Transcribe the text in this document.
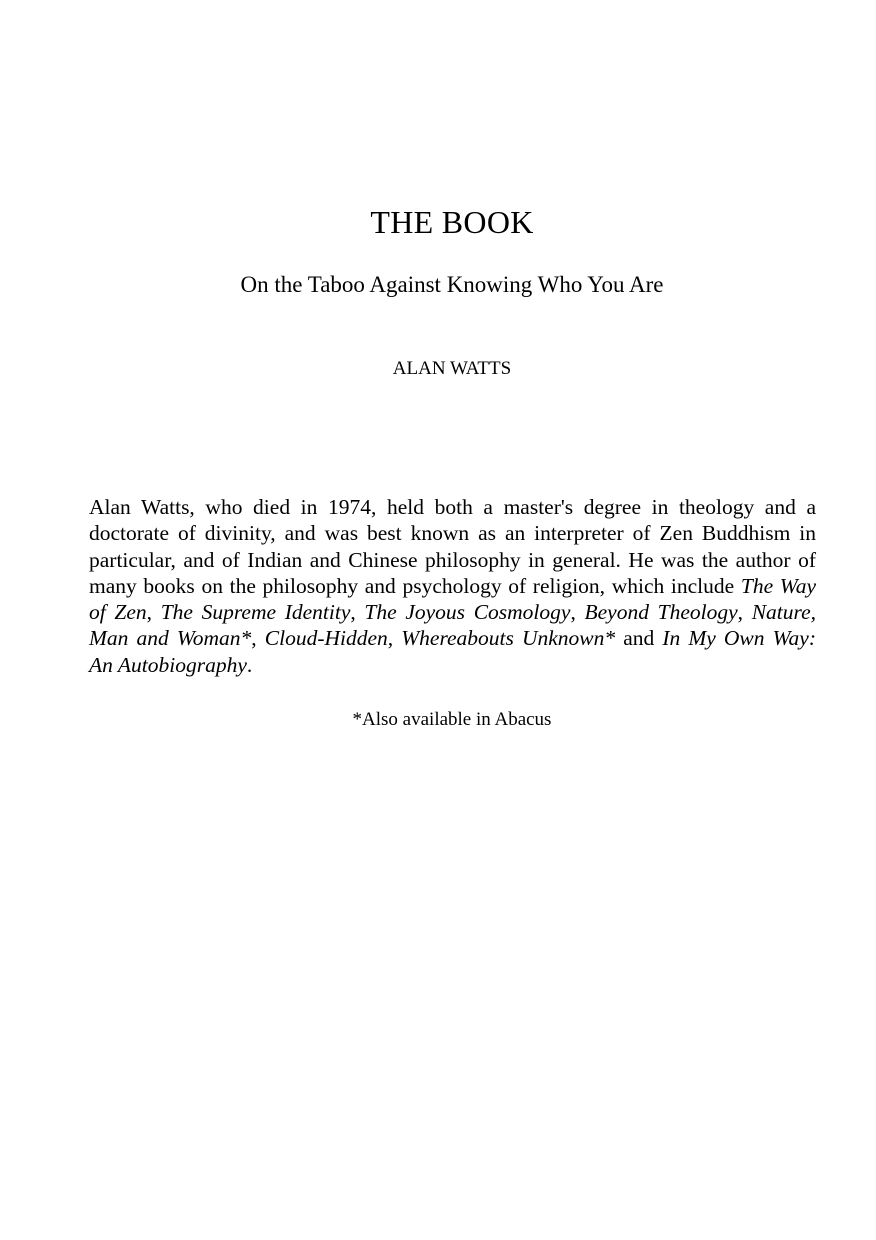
THE BOOK
On the Taboo Against Knowing Who You Are
ALAN WATTS

Alan Watts, who died in 1974, held both a master's degree in theology and a doctorate of divinity, and was best known as an interpreter of Zen Buddhism in particular, and of Indian and Chinese philosophy in general. He was the author of many books on the philosophy and psychology of religion, which include The Way of Zen, The Supreme Identity, The Joyous Cosmology, Beyond Theology, Nature, Man and Woman*, Cloud-Hidden, Whereabouts Unknown* and In My Own Way: An Autobiography.

*Also available in Abacus
